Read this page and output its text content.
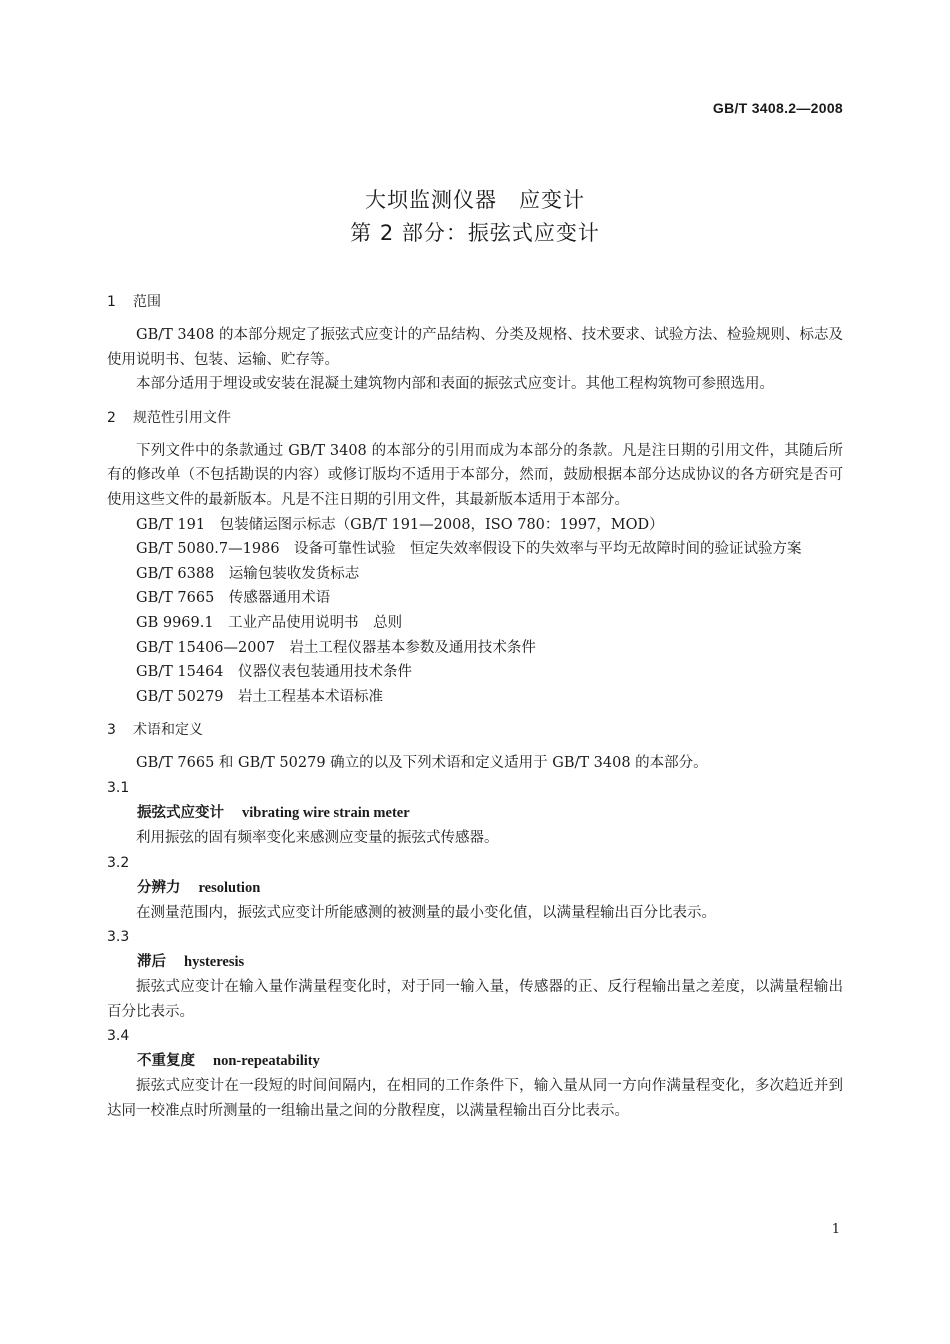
GB/T 3408.2—2008
大坝监测仪器　应变计
第 2 部分：振弦式应变计
1 范围

GB/T 3408 的本部分规定了振弦式应变计的产品结构、分类及规格、技术要求、试验方法、检验规则、标志及使用说明书、包装、运输、贮存等。

本部分适用于埋设或安装在混凝土建筑物内部和表面的振弦式应变计。其他工程构筑物可参照选用。

2 规范性引用文件

下列文件中的条款通过 GB/T 3408 的本部分的引用而成为本部分的条款。凡是注日期的引用文件，其随后所有的修改单（不包括勘误的内容）或修订版均不适用于本部分，然而，鼓励根据本部分达成协议的各方研究是否可使用这些文件的最新版本。凡是不注日期的引用文件，其最新版本适用于本部分。

GB/T 191　包装储运图示标志（GB/T 191—2008，ISO 780：1997，MOD）

GB/T 5080.7—1986　设备可靠性试验　恒定失效率假设下的失效率与平均无故障时间的验证试验方案

GB/T 6388　运输包装收发货标志

GB/T 7665　传感器通用术语

GB 9969.1　工业产品使用说明书　总则

GB/T 15406—2007　岩土工程仪器基本参数及通用技术条件

GB/T 15464　仪器仪表包装通用技术条件

GB/T 50279　岩土工程基本术语标准

3 术语和定义

GB/T 7665 和 GB/T 50279 确立的以及下列术语和定义适用于 GB/T 3408 的本部分。

3.1
振弦式应变计 vibrating wire strain meter

利用振弦的固有频率变化来感测应变量的振弦式传感器。

3.2
分辨力 resolution

在测量范围内，振弦式应变计所能感测的被测量的最小变化值，以满量程输出百分比表示。

3.3
滞后 hysteresis

振弦式应变计在输入量作满量程变化时，对于同一输入量，传感器的正、反行程输出量之差度，以满量程输出百分比表示。

3.4
不重复度 non-repeatability

振弦式应变计在一段短的时间间隔内，在相同的工作条件下，输入量从同一方向作满量程变化，多次趋近并到达同一校准点时所测量的一组输出量之间的分散程度，以满量程输出百分比表示。

1
